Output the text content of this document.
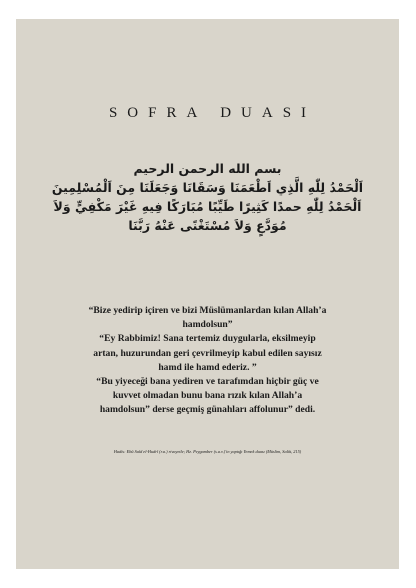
SOFRA DUASI
بسم الله الرحمن الرحيم
اَلْحَمْدُ لِلّٰهِ الَّذِي اَطْعَمَنَا وَسَقَانَا وَجَعَلَنَا مِنَ اَلْمُسْلِمِينَ
اَلْحَمْدُ لِلّٰهِ حمدًا كَثِيرًا طَيِّبًا مُبَارَكًا فِيهِ غَيْرَ مَكْفِيٍّ وَلاَ
مُوَدَّعٍ وَلاَ مُسْتَغْنًى عَنْهُ رَبَّنَا
“Bize yedirip içiren ve bizi Müslümanlardan kılan Allah’a
hamdolsun”
“Ey Rabbimiz! Sana tertemiz duygularla, eksilmeyip
artan, huzurundan geri çevrilmeyip kabul edilen sayısız
hamd ile hamd ederiz. ”
“Bu yiyeceği bana yediren ve tarafımdan hiçbir güç ve
kuvvet olmadan bunu bana rızık kılan Allah’a
hamdolsun” derse geçmiş günahları affolunur” dedi.
Hadis: Ebû Saîd el-Hudrî (r.a.) rivayetle; Hz. Peygamber (s.a.v.)'in yaptığı Yemek duası (Müslim, Salât, 215)
